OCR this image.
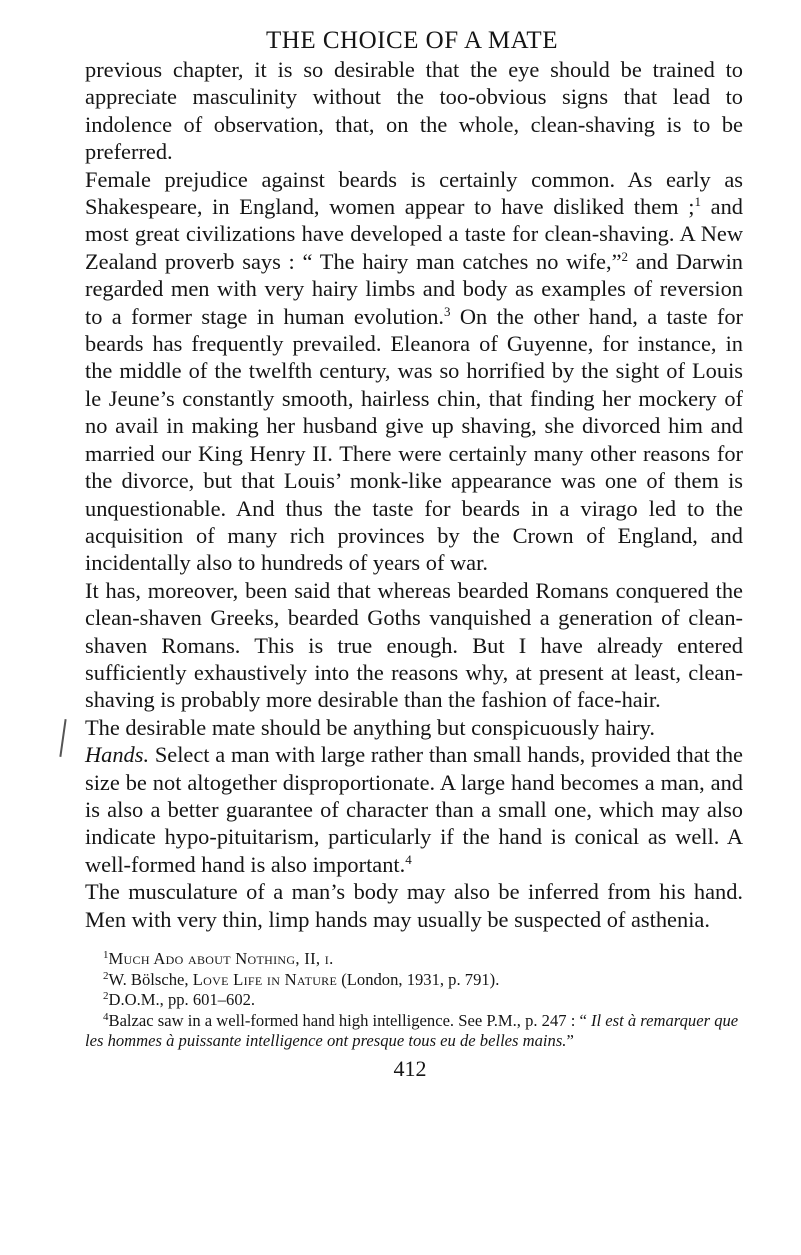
THE CHOICE OF A MATE

previous chapter, it is so desirable that the eye should be trained to appreciate masculinity without the too-obvious signs that lead to indolence of observation, that, on the whole, clean-shaving is to be preferred.

Female prejudice against beards is certainly common. As early as Shakespeare, in England, women appear to have disliked them ;$^1$ and most great civilizations have developed a taste for clean-shaving. A New Zealand proverb says : “ The hairy man catches no wife,”$^2$ and Darwin regarded men with very hairy limbs and body as examples of reversion to a former stage in human evolution.$^3$ On the other hand, a taste for beards has frequently prevailed. Eleanora of Guyenne, for instance, in the middle of the twelfth century, was so horrified by the sight of Louis le Jeune’s constantly smooth, hairless chin, that finding her mockery of no avail in making her husband give up shaving, she divorced him and married our King Henry II. There were certainly many other reasons for the divorce, but that Louis’ monk-like appearance was one of them is unquestionable. And thus the taste for beards in a virago led to the acquisition of many rich provinces by the Crown of England, and incidentally also to hundreds of years of war.

It has, moreover, been said that whereas bearded Romans conquered the clean-shaven Greeks, bearded Goths vanquished a generation of clean-shaven Romans. This is true enough. But I have already entered sufficiently exhaustively into the reasons why, at present at least, clean-shaving is probably more desirable than the fashion of face-hair.

The desirable mate should be anything but conspicuously hairy.

Hands. Select a man with large rather than small hands, provided that the size be not altogether disproportionate. A large hand becomes a man, and is also a better guarantee of character than a small one, which may also indicate hypo-pituitarism, particularly if the hand is conical as well. A well-formed hand is also important.$^4$

The musculature of a man’s body may also be inferred from his hand. Men with very thin, limp hands may usually be suspected of asthenia.

$^1$Much Ado about Nothing, II, i.

$^2$W. Bölsche, Love Life in Nature (London, 1931, p. 791).

$^2$D.O.M., pp. 601–602.

$^4$Balzac saw in a well-formed hand high intelligence. See P.M., p. 247 : “ Il est à remarquer que les hommes à puissante intelligence ont presque tous eu de belles mains.”

412
